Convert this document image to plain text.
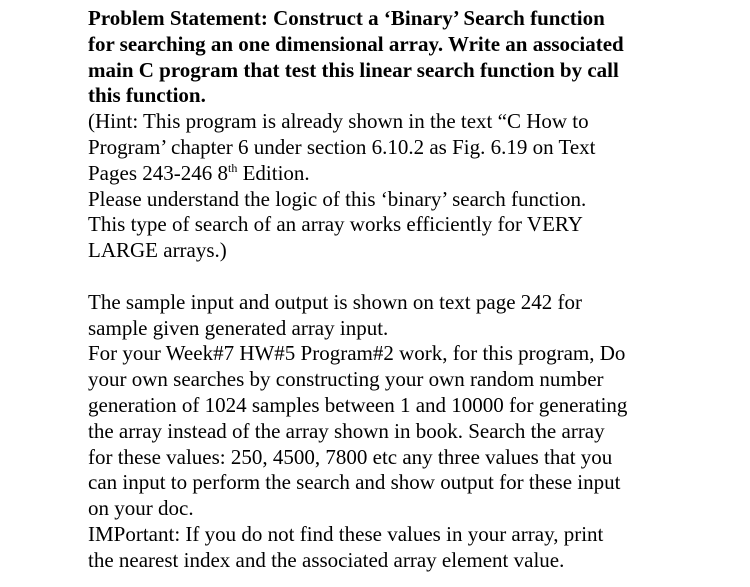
Problem Statement: Construct a ‘Binary’ Search function
for searching an one dimensional array. Write an associated
main C program that test this linear search function by call
this function.
(Hint: This program is already shown in the text “C How to
Program’ chapter 6 under section 6.10.2 as Fig. 6.19 on Text
Pages 243-246 8th Edition.
Please understand the logic of this ‘binary’ search function.
This type of search of an array works efficiently for VERY
LARGE arrays.)
The sample input and output is shown on text page 242 for
sample given generated array input.
For your Week#7 HW#5 Program#2 work, for this program, Do
your own searches by constructing your own random number
generation of 1024 samples between 1 and 10000 for generating
the array instead of the array shown in book. Search the array
for these values: 250, 4500, 7800 etc any three values that you
can input to perform the search and show output for these input
on your doc.
IMPortant: If you do not find these values in your array, print
the nearest index and the associated array element value.
